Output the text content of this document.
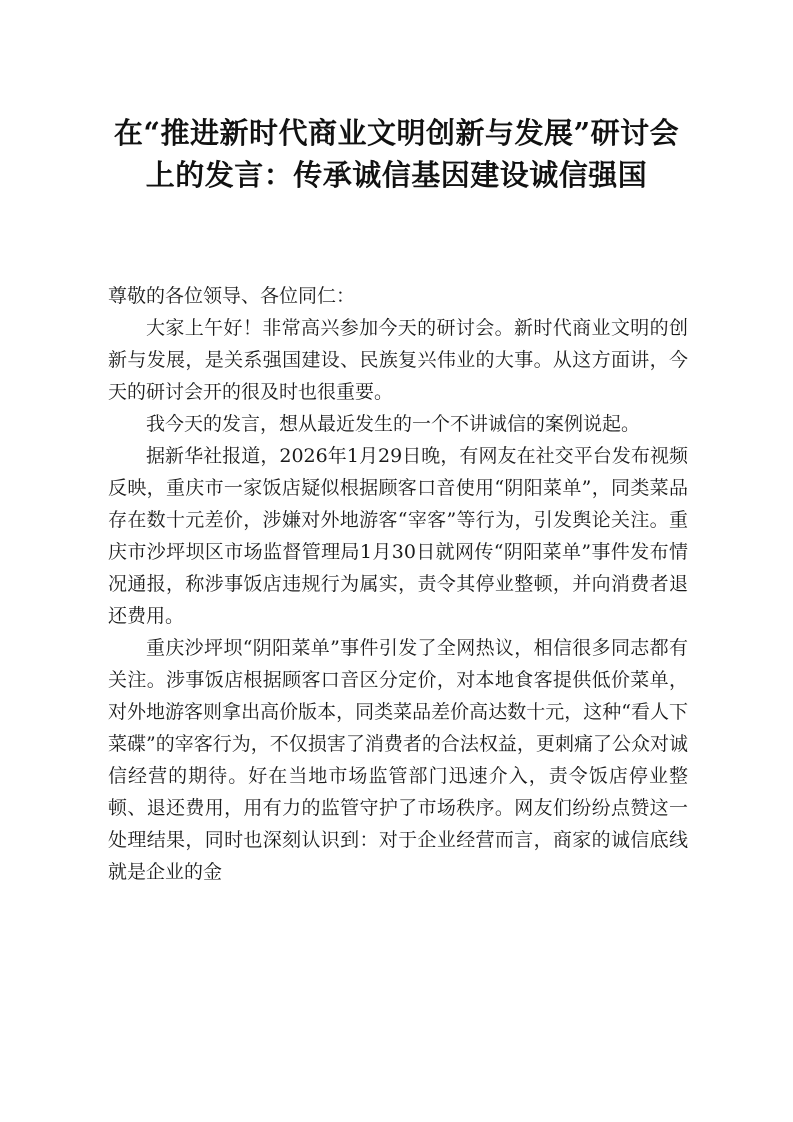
在“推进新时代商业文明创新与发展”研讨会上的发言：传承诚信基因建设诚信强国

尊敬的各位领导、各位同仁：

大家上午好！非常高兴参加今天的研讨会。新时代商业文明的创新与发展，是关系强国建设、民族复兴伟业的大事。从这方面讲，今天的研讨会开的很及时也很重要。

我今天的发言，想从最近发生的一个不讲诚信的案例说起。

据新华社报道，2026年1月29日晚，有网友在社交平台发布视频反映，重庆市一家饭店疑似根据顾客口音使用“阴阳菜单”，同类菜品存在数十元差价，涉嫌对外地游客“宰客”等行为，引发舆论关注。重庆市沙坪坝区市场监督管理局1月30日就网传“阴阳菜单”事件发布情况通报，称涉事饭店违规行为属实，责令其停业整顿，并向消费者退还费用。

重庆沙坪坝“阴阳菜单”事件引发了全网热议，相信很多同志都有关注。涉事饭店根据顾客口音区分定价，对本地食客提供低价菜单，对外地游客则拿出高价版本，同类菜品差价高达数十元，这种“看人下菜碟”的宰客行为，不仅损害了消费者的合法权益，更刺痛了公众对诚信经营的期待。好在当地市场监管部门迅速介入，责令饭店停业整顿、退还费用，用有力的监管守护了市场秩序。网友们纷纷点赞这一处理结果，同时也深刻认识到：对于企业经营而言，商家的诚信底线就是企业的金
